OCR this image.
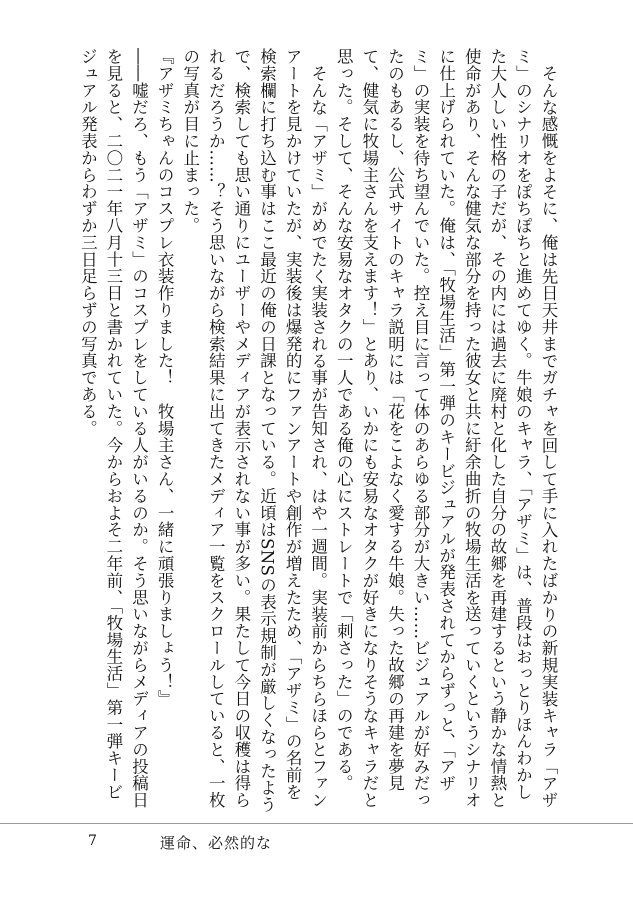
そんな感慨をよそに、俺は先日天井までガチャを回して手に入れたばかりの新規実装キャラ「アザミ」のシナリオをぽちぽちと進めてゆく。牛娘のキャラ、「アザミ」は、普段はおっとりほんわかした大人しい性格の子だが、その内には過去に廃村と化した自分の故郷を再建するという静かな情熱と使命があり、そんな健気な部分を持った彼女と共に紆余曲折の牧場生活を送っていくというシナリオに仕上げられていた。俺は、「牧場生活」第一弾のキービジュアルが発表されてからずっと、「アザミ」の実装を待ち望んでいた。控え目に言って体のあらゆる部分が大きい……ビジュアルが好みだったのもあるし、公式サイトのキャラ説明には「花をこよなく愛する牛娘。失った故郷の再建を夢見て、健気に牧場主さんを支えます！」とあり、いかにも安易なオタクが好きになりそうなキャラだと思った。そして、そんな安易なオタクの一人である俺の心にストレートで「刺さった」のである。

そんな「アザミ」がめでたく実装される事が告知され、はや一週間。実装前からちらほらとファンアートを見かけていたが、実装後は爆発的にファンアートや創作が増えたため、「アザミ」の名前を検索欄に打ち込む事はここ最近の俺の日課となっている。近頃はSNSの表示規制が厳しくなったようで、検索しても思い通りにユーザーやメディアが表示されない事が多い。果たして今日の収穫は得られるだろうか……？そう思いながら検索結果に出てきたメディア一覧をスクロールしていると、一枚の写真が目に止まった。

『アザミちゃんのコスプレ衣装作りました！　牧場主さん、一緒に頑張りましょう！』

――嘘だろ、もう「アザミ」のコスプレをしている人がいるのか。そう思いながらメディアの投稿日を見ると、二〇二一年八月十三日と書かれていた。今からおよそ二年前、「牧場生活」第一弾キービジュアル発表からわずか三日足らずの写真である。

7	運命、必然的な
